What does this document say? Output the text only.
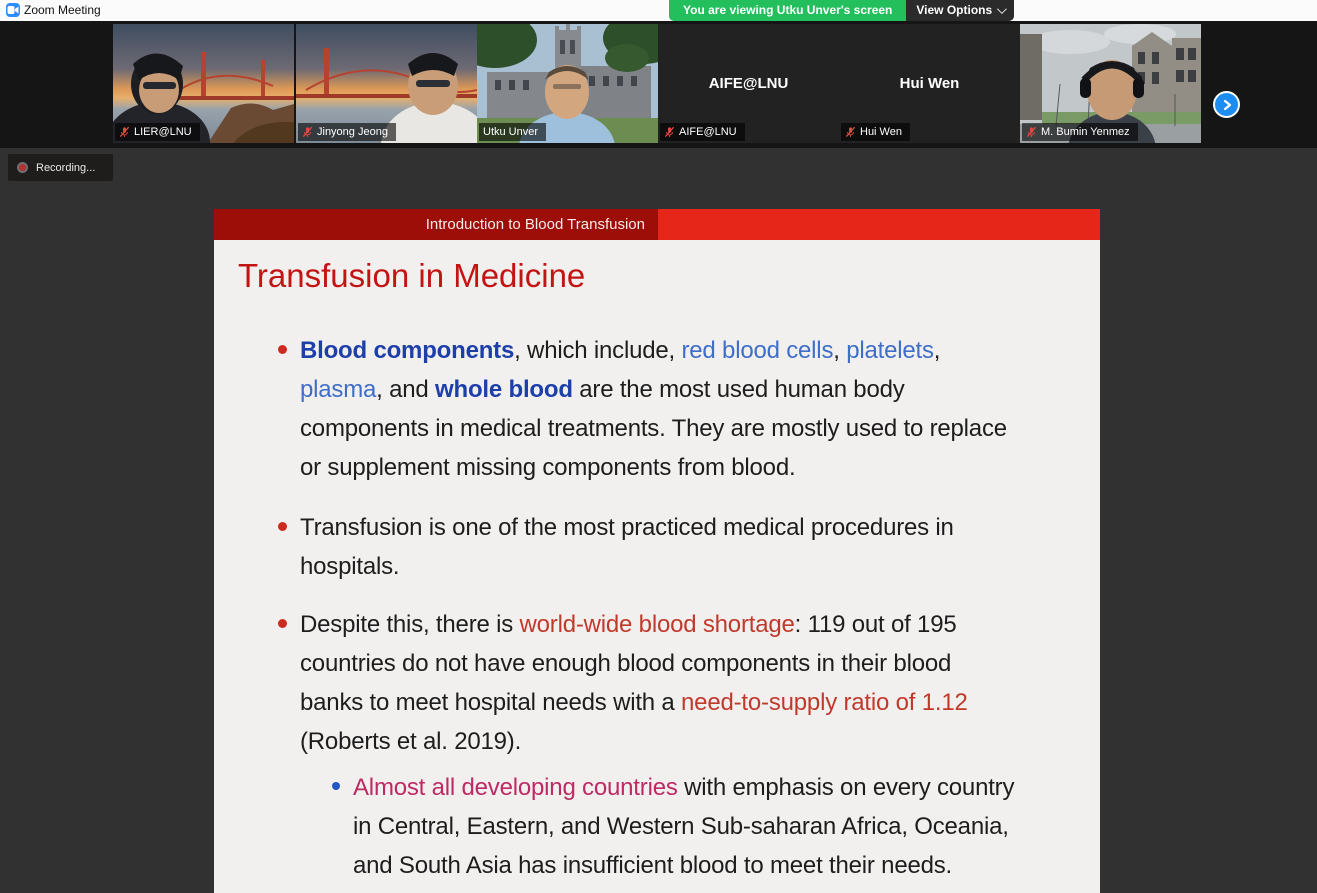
Zoom Meeting	You are viewing Utku Unver's screen	View Options
LIER@LNU	Jinyong Jeong	Utku Unver
AIFE@LNU
AIFE@LNU
Hui Wen
Hui Wen	M. Bumin Yenmez
Recording...
Introduction to Blood Transfusion
Transfusion in Medicine
Blood components, which include, red blood cells, platelets,
plasma, and whole blood are the most used human body
components in medical treatments. They are mostly used to replace
or supplement missing components from blood.
Transfusion is one of the most practiced medical procedures in
hospitals.
Despite this, there is world-wide blood shortage: 119 out of 195
countries do not have enough blood components in their blood
banks to meet hospital needs with a need-to-supply ratio of 1.12
(Roberts et al. 2019).
Almost all developing countries with emphasis on every country
in Central, Eastern, and Western Sub-saharan Africa, Oceania,
and South Asia has insufficient blood to meet their needs.
